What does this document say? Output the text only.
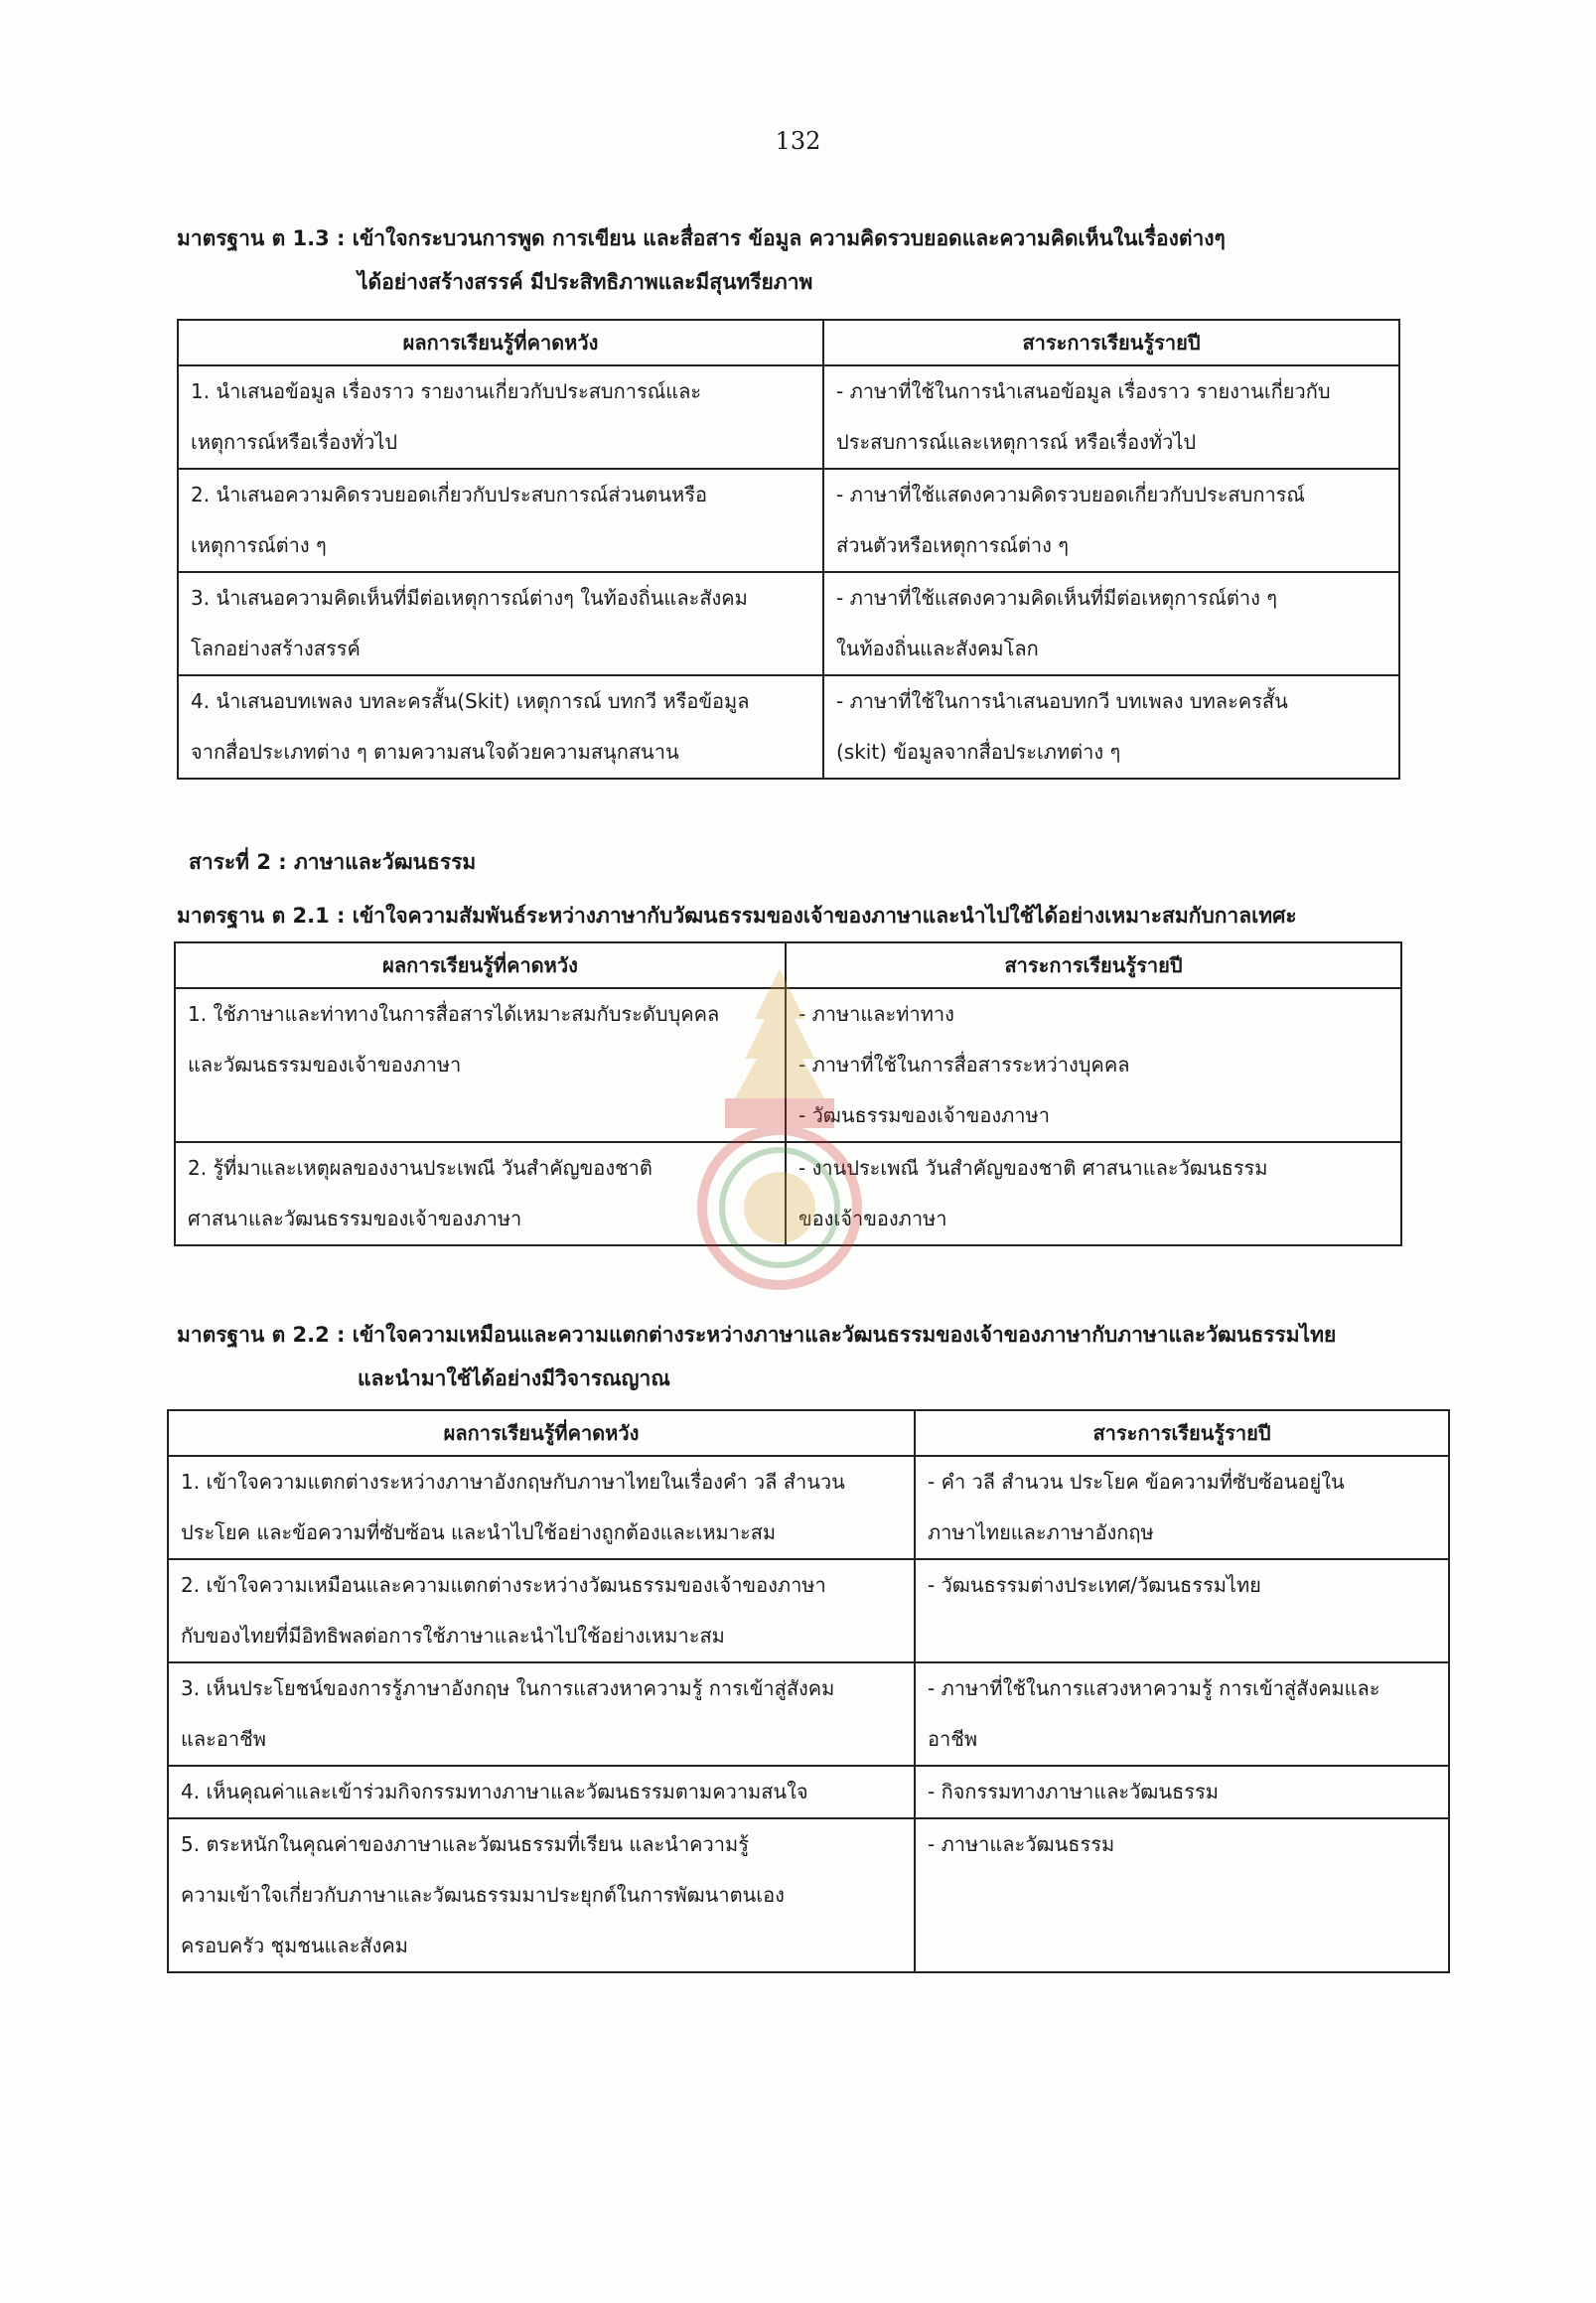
132
มาตรฐาน ต 1.3 : เข้าใจกระบวนการพูด การเขียน และสื่อสาร ข้อมูล ความคิดรวบยอดและความคิดเห็นในเรื่องต่างๆ
ได้อย่างสร้างสรรค์ มีประสิทธิภาพและมีสุนทรียภาพ
ผลการเรียนรู้ที่คาดหวัง	สาระการเรียนรู้รายปี

1. นำเสนอข้อมูล เรื่องราว รายงานเกี่ยวกับประสบการณ์และ
เหตุการณ์หรือเรื่องทั่วไป	- ภาษาที่ใช้ในการนำเสนอข้อมูล เรื่องราว รายงานเกี่ยวกับ
ประสบการณ์และเหตุการณ์ หรือเรื่องทั่วไป

2. นำเสนอความคิดรวบยอดเกี่ยวกับประสบการณ์ส่วนตนหรือ
เหตุการณ์ต่าง ๆ	- ภาษาที่ใช้แสดงความคิดรวบยอดเกี่ยวกับประสบการณ์
ส่วนตัวหรือเหตุการณ์ต่าง ๆ

3. นำเสนอความคิดเห็นที่มีต่อเหตุการณ์ต่างๆ ในท้องถิ่นและสังคม
โลกอย่างสร้างสรรค์	- ภาษาที่ใช้แสดงความคิดเห็นที่มีต่อเหตุการณ์ต่าง ๆ
ในท้องถิ่นและสังคมโลก

4. นำเสนอบทเพลง บทละครสั้น(Skit) เหตุการณ์ บทกวี หรือข้อมูล
จากสื่อประเภทต่าง ๆ ตามความสนใจด้วยความสนุกสนาน	- ภาษาที่ใช้ในการนำเสนอบทกวี บทเพลง บทละครสั้น
(skit) ข้อมูลจากสื่อประเภทต่าง ๆ
สาระที่ 2 : ภาษาและวัฒนธรรม
มาตรฐาน ต 2.1 : เข้าใจความสัมพันธ์ระหว่างภาษากับวัฒนธรรมของเจ้าของภาษาและนำไปใช้ได้อย่างเหมาะสมกับกาลเทศะ
ผลการเรียนรู้ที่คาดหวัง	สาระการเรียนรู้รายปี

1. ใช้ภาษาและท่าทางในการสื่อสารได้เหมาะสมกับระดับบุคคล
และวัฒนธรรมของเจ้าของภาษา	- ภาษาและท่าทาง
- ภาษาที่ใช้ในการสื่อสารระหว่างบุคคล
- วัฒนธรรมของเจ้าของภาษา

2. รู้ที่มาและเหตุผลของงานประเพณี วันสำคัญของชาติ
ศาสนาและวัฒนธรรมของเจ้าของภาษา	- งานประเพณี วันสำคัญของชาติ ศาสนาและวัฒนธรรม
ของเจ้าของภาษา
มาตรฐาน ต 2.2 : เข้าใจความเหมือนและความแตกต่างระหว่างภาษาและวัฒนธรรมของเจ้าของภาษากับภาษาและวัฒนธรรมไทย
และนำมาใช้ได้อย่างมีวิจารณญาณ
ผลการเรียนรู้ที่คาดหวัง	สาระการเรียนรู้รายปี

1. เข้าใจความแตกต่างระหว่างภาษาอังกฤษกับภาษาไทยในเรื่องคำ วลี สำนวน
ประโยค และข้อความที่ซับซ้อน และนำไปใช้อย่างถูกต้องและเหมาะสม	- คำ วลี สำนวน ประโยค ข้อความที่ซับซ้อนอยู่ใน
ภาษาไทยและภาษาอังกฤษ

2. เข้าใจความเหมือนและความแตกต่างระหว่างวัฒนธรรมของเจ้าของภาษา
กับของไทยที่มีอิทธิพลต่อการใช้ภาษาและนำไปใช้อย่างเหมาะสม	- วัฒนธรรมต่างประเทศ/วัฒนธรรมไทย

3. เห็นประโยชน์ของการรู้ภาษาอังกฤษ ในการแสวงหาความรู้ การเข้าสู่สังคม
และอาชีพ	- ภาษาที่ใช้ในการแสวงหาความรู้ การเข้าสู่สังคมและ
อาชีพ

4. เห็นคุณค่าและเข้าร่วมกิจกรรมทางภาษาและวัฒนธรรมตามความสนใจ	- กิจกรรมทางภาษาและวัฒนธรรม

5. ตระหนักในคุณค่าของภาษาและวัฒนธรรมที่เรียน และนำความรู้
ความเข้าใจเกี่ยวกับภาษาและวัฒนธรรมมาประยุกต์ในการพัฒนาตนเอง
ครอบครัว ชุมชนและสังคม	- ภาษาและวัฒนธรรม
